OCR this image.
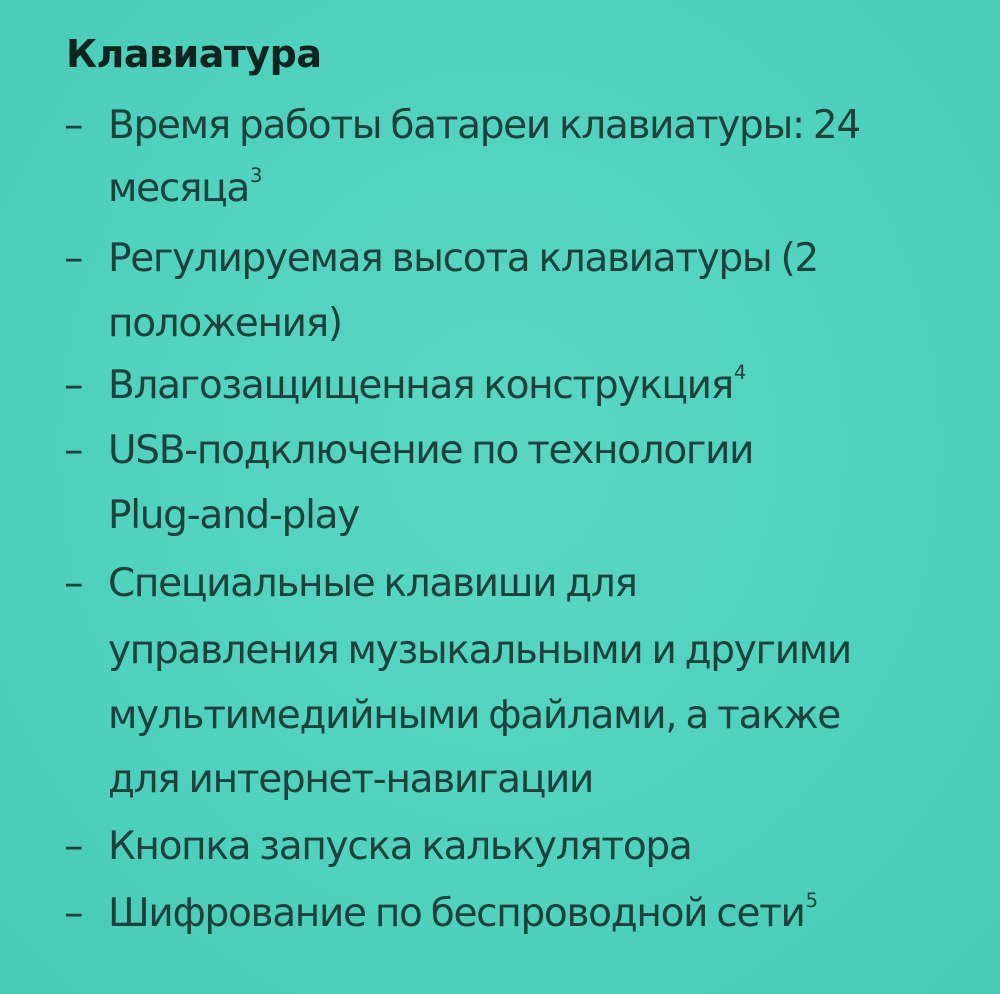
Клавиатура
– Время работы батареи клавиатуры: 24
месяца$^3$
– Регулируемая высота клавиатуры (2
положения)
– Влагозащищенная конструкция$^4$
– USB-подключение по технологии
Plug-and-play
– Специальные клавиши для
управления музыкальными и другими
мультимедийными файлами, а также
для интернет-навигации
– Кнопка запуска калькулятора
– Шифрование по беспроводной сети$^5$
